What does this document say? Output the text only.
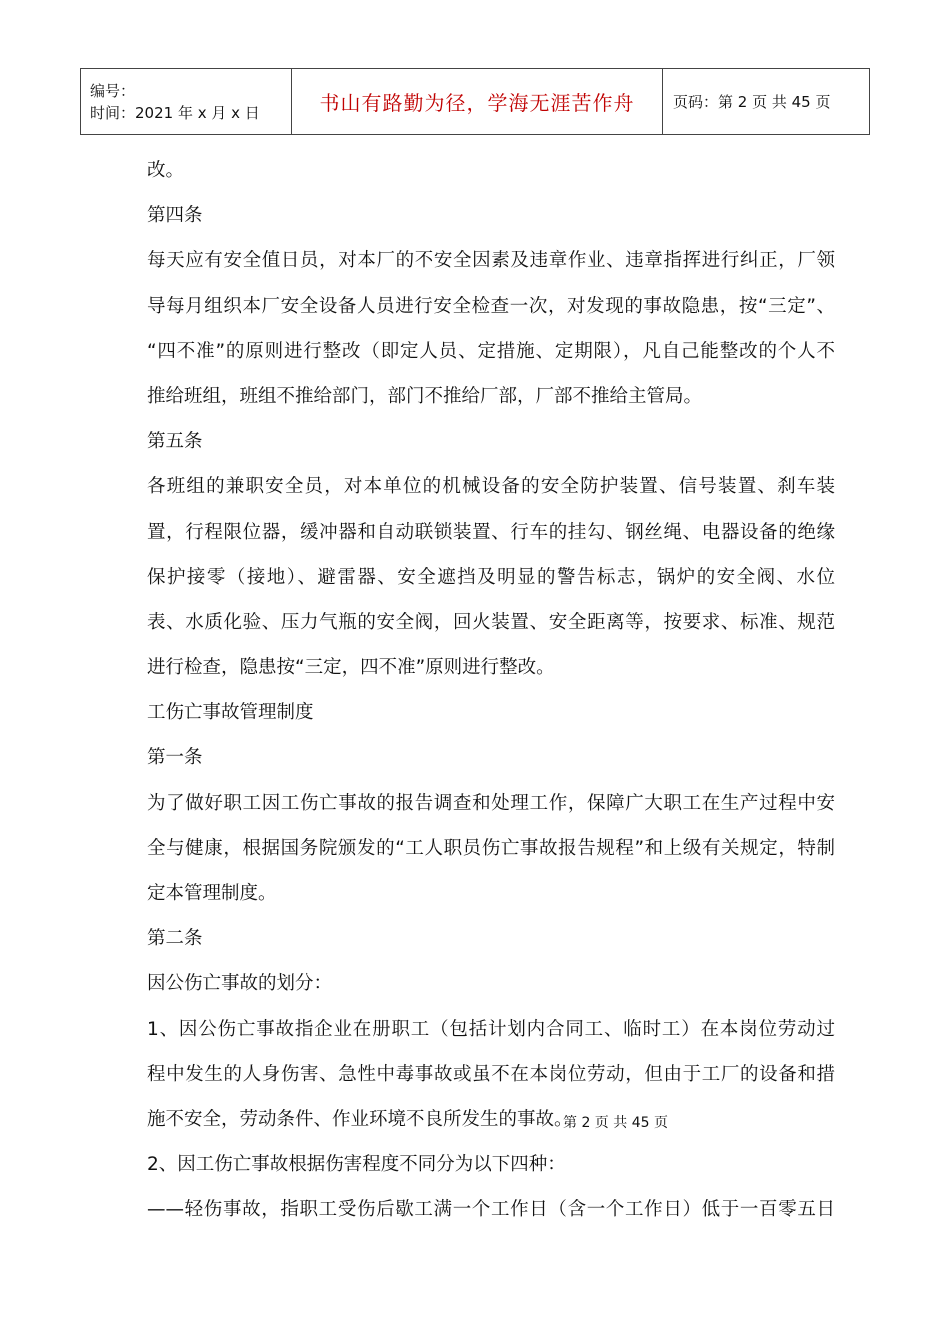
编号：
时间：2021 年 x 月 x 日	书山有路勤为径，学海无涯苦作舟	页码：第 2 页 共 45 页
改。
第四条
每天应有安全值日员，对本厂的不安全因素及违章作业、违章指挥进行纠正，厂领
导每月组织本厂安全设备人员进行安全检查一次，对发现的事故隐患，按“三定”、
“四不准”的原则进行整改（即定人员、定措施、定期限），凡自己能整改的个人不
推给班组，班组不推给部门，部门不推给厂部，厂部不推给主管局。
第五条
各班组的兼职安全员，对本单位的机械设备的安全防护装置、信号装置、刹车装
置，行程限位器，缓冲器和自动联锁装置、行车的挂勾、钢丝绳、电器设备的绝缘
保护接零（接地）、避雷器、安全遮挡及明显的警告标志，锅炉的安全阀、水位
表、水质化验、压力气瓶的安全阀，回火装置、安全距离等，按要求、标准、规范
进行检查，隐患按“三定，四不准”原则进行整改。
工伤亡事故管理制度
第一条
为了做好职工因工伤亡事故的报告调查和处理工作，保障广大职工在生产过程中安
全与健康，根据国务院颁发的“工人职员伤亡事故报告规程”和上级有关规定，特制
定本管理制度。
第二条
因公伤亡事故的划分：
1、因公伤亡事故指企业在册职工（包括计划内合同工、临时工）在本岗位劳动过
程中发生的人身伤害、急性中毒事故或虽不在本岗位劳动，但由于工厂的设备和措
施不安全，劳动条件、作业环境不良所发生的事故。
2、因工伤亡事故根据伤害程度不同分为以下四种：
——轻伤事故，指职工受伤后歇工满一个工作日（含一个工作日）低于一百零五日
第 2 页 共 45 页
